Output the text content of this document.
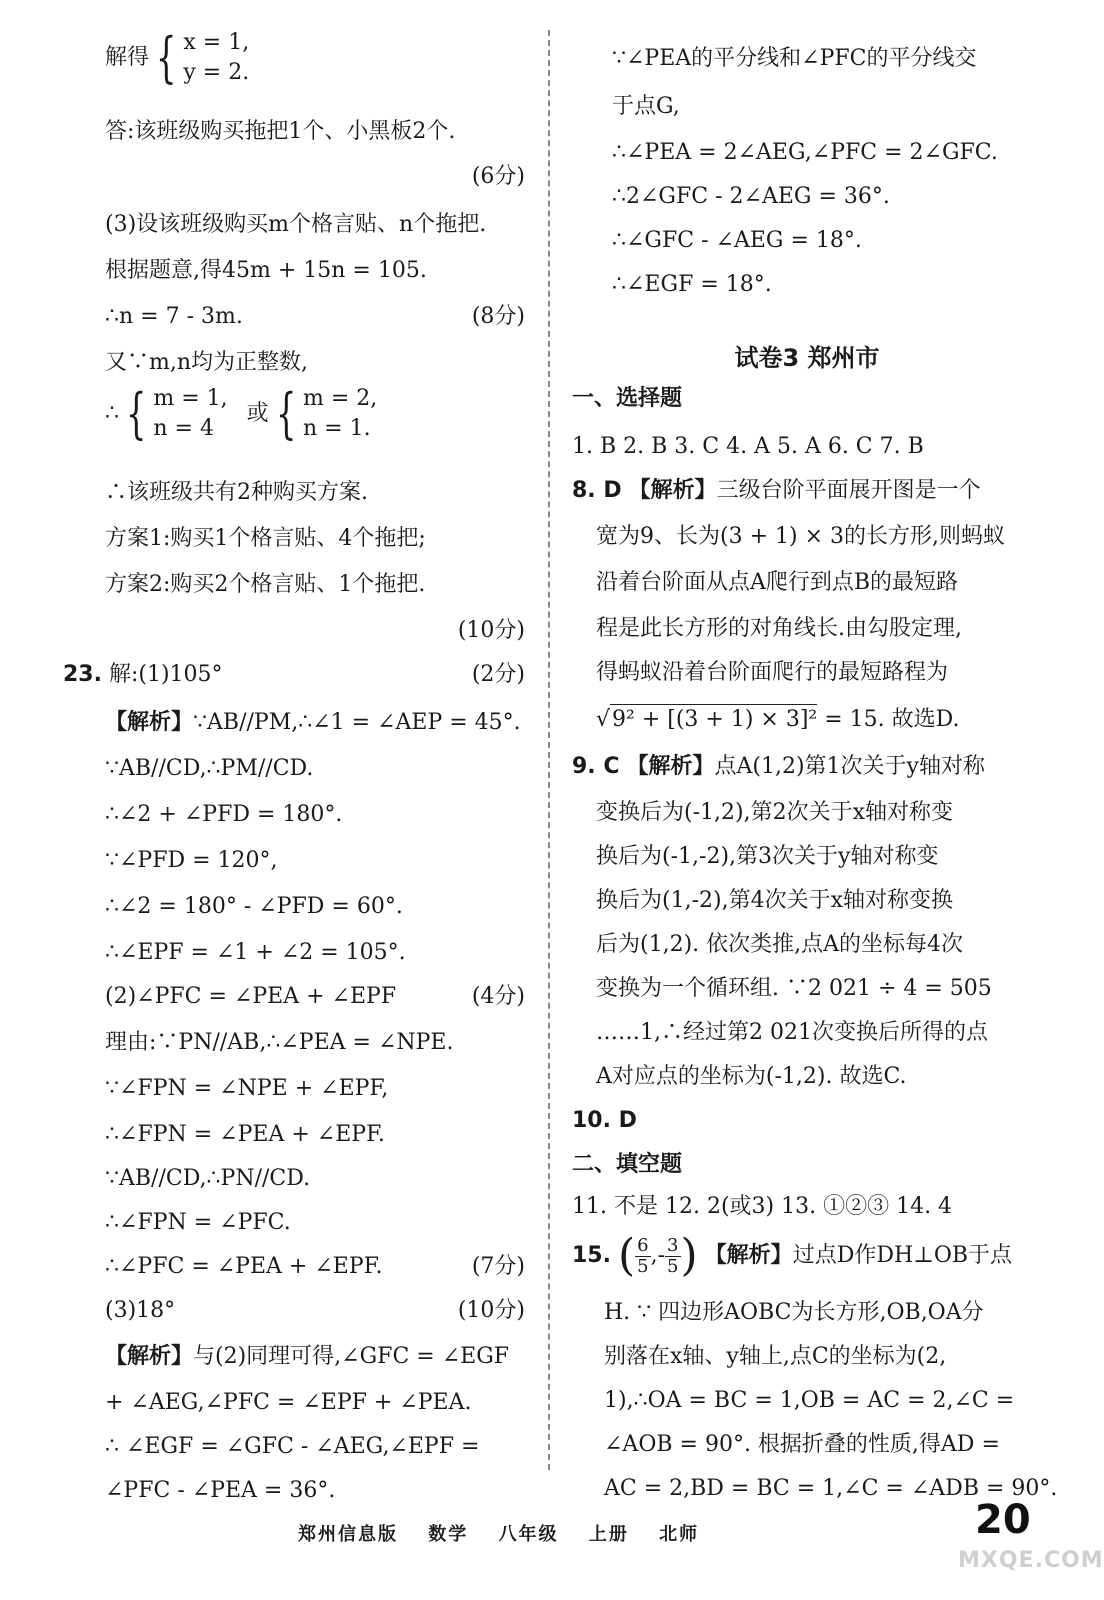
解得 { x = 1,
y = 2.
答:该班级购买拖把1个、小黑板2个.
(6分)
(3)设该班级购买m个格言贴、n个拖把.
根据题意,得45m + 15n = 105.
∴n = 7 - 3m.	(8分)
又∵m,n均为正整数,
∴ { m = 1,
n = 4
或 { m = 2,
n = 1.
∴该班级共有2种购买方案.
方案1:购买1个格言贴、4个拖把;
方案2:购买2个格言贴、1个拖把.
(10分)
23. 解:(1)105°	(2分)
【解析】∵AB//PM,∴∠1 = ∠AEP = 45°.
∵AB//CD,∴PM//CD.
∴∠2 + ∠PFD = 180°.
∵∠PFD = 120°,
∴∠2 = 180° - ∠PFD = 60°.
∴∠EPF = ∠1 + ∠2 = 105°.
(2)∠PFC = ∠PEA + ∠EPF	(4分)
理由:∵PN//AB,∴∠PEA = ∠NPE.
∵∠FPN = ∠NPE + ∠EPF,
∴∠FPN = ∠PEA + ∠EPF.
∵AB//CD,∴PN//CD.
∴∠FPN = ∠PFC.
∴∠PFC = ∠PEA + ∠EPF.	(7分)
(3)18°	(10分)
【解析】与(2)同理可得,∠GFC = ∠EGF
+ ∠AEG,∠PFC = ∠EPF + ∠PEA.
∴ ∠EGF = ∠GFC - ∠AEG,∠EPF =
∠PFC - ∠PEA = 36°.
∵∠PEA的平分线和∠PFC的平分线交
于点G,
∴∠PEA = 2∠AEG,∠PFC = 2∠GFC.
∴2∠GFC - 2∠AEG = 36°.
∴∠GFC - ∠AEG = 18°.
∴∠EGF = 18°.
试卷3 郑州市
一、选择题
1. B 2. B 3. C 4. A 5. A 6. C 7. B
8. D 【解析】三级台阶平面展开图是一个
宽为9、长为(3 + 1) × 3的长方形,则蚂蚁
沿着台阶面从点A爬行到点B的最短路
程是此长方形的对角线长.由勾股定理,
得蚂蚁沿着台阶面爬行的最短路程为
√9² + [(3 + 1) × 3]² = 15. 故选D.
9. C 【解析】点A(1,2)第1次关于y轴对称
变换后为(-1,2),第2次关于x轴对称变
换后为(-1,-2),第3次关于y轴对称变
换后为(1,-2),第4次关于x轴对称变换
后为(1,2). 依次类推,点A的坐标每4次
变换为一个循环组. ∵2 021 ÷ 4 = 505
……1,∴经过第2 021次变换后所得的点
A对应点的坐标为(-1,2). 故选C.
10. D
二、填空题
11. 不是 12. 2(或3) 13. ①②③ 14. 4
15. ( $\frac{6}{5}$ ,- $\frac{3}{5}$ ) 【解析】过点D作DH⊥OB于点
H. ∵ 四边形AOBC为长方形,OB,OA分
别落在x轴、y轴上,点C的坐标为(2,
1),∴OA = BC = 1,OB = AC = 2,∠C =
∠AOB = 90°. 根据折叠的性质,得AD =
AC = 2,BD = BC = 1,∠C = ∠ADB = 90°.
郑州信息版 数学 八年级 上册 北师	20
MXQE.COM
